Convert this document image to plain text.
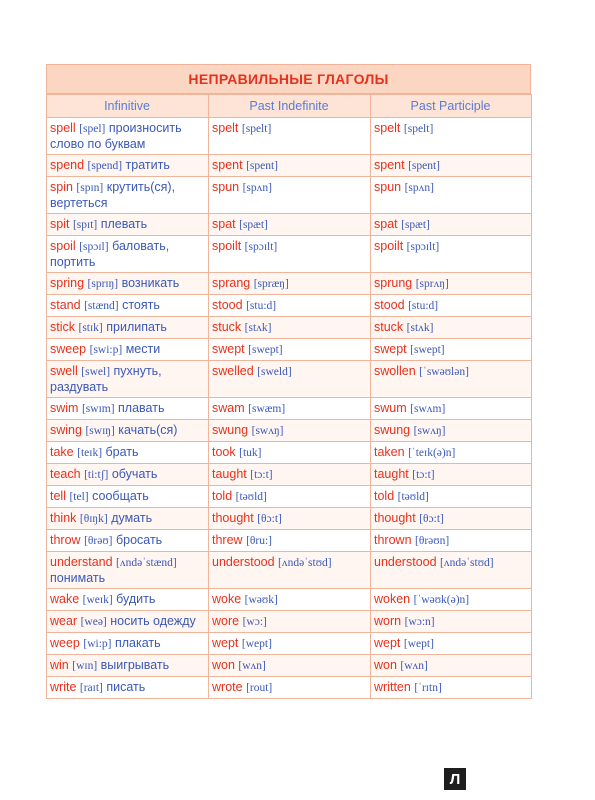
НЕПРАВИЛЬНЫЕ ГЛАГОЛЫ
Infinitive	Past Indefinite	Past Participle
spell [spel] произносить слово по буквам	spelt [spelt]	spelt [spelt]
spend [spend] тратить	spent [spent]	spent [spent]
spin [spɪn] крутить(ся), вертеться	spun [spʌn]	spun [spʌn]
spit [spɪt] плевать	spat [spæt]	spat [spæt]
spoil [spɔɪl] баловать, портить	spoilt [spɔɪlt]	spoilt [spɔɪlt]
spring [sprɪŋ] возникать	sprang [spræŋ]	sprung [sprʌŋ]
stand [stænd] стоять	stood [stu:d]	stood [stu:d]
stick [stɪk] прилипать	stuck [stʌk]	stuck [stʌk]
sweep [swi:p] мести	swept [swept]	swept [swept]
swell [swel] пухнуть, раздувать	swelled [sweld]	swollen [ˈswəʊlən]
swim [swɪm] плавать	swam [swæm]	swum [swʌm]
swing [swɪŋ] качать(ся)	swung [swʌŋ]	swung [swʌŋ]
take [teɪk] брать	took [tuk]	taken [ˈteɪk(ə)n]
teach [ti:tʃ] обучать	taught [tɔ:t]	taught [tɔ:t]
tell [tel] сообщать	told [təʊld]	told [təʊld]
think [θɪŋk] думать	thought [θɔ:t]	thought [θɔ:t]
throw [θrəʊ] бросать	threw [θru:]	thrown [θrəʊn]
understand [ʌndəˈstænd] понимать	understood [ʌndəˈstʊd]	understood [ʌndəˈstʊd]
wake [weɪk] будить	woke [wəʊk]	woken [ˈwəʊk(ə)n]
wear [weə] носить одежду	wore [wɔ:]	worn [wɔ:n]
weep [wi:p] плакать	wept [wept]	wept [wept]
win [wɪn] выигрывать	won [wʌn]	won [wʌn]
write [raɪt] писать	wrote [rout]	written [ˈrɪtn]
Л
